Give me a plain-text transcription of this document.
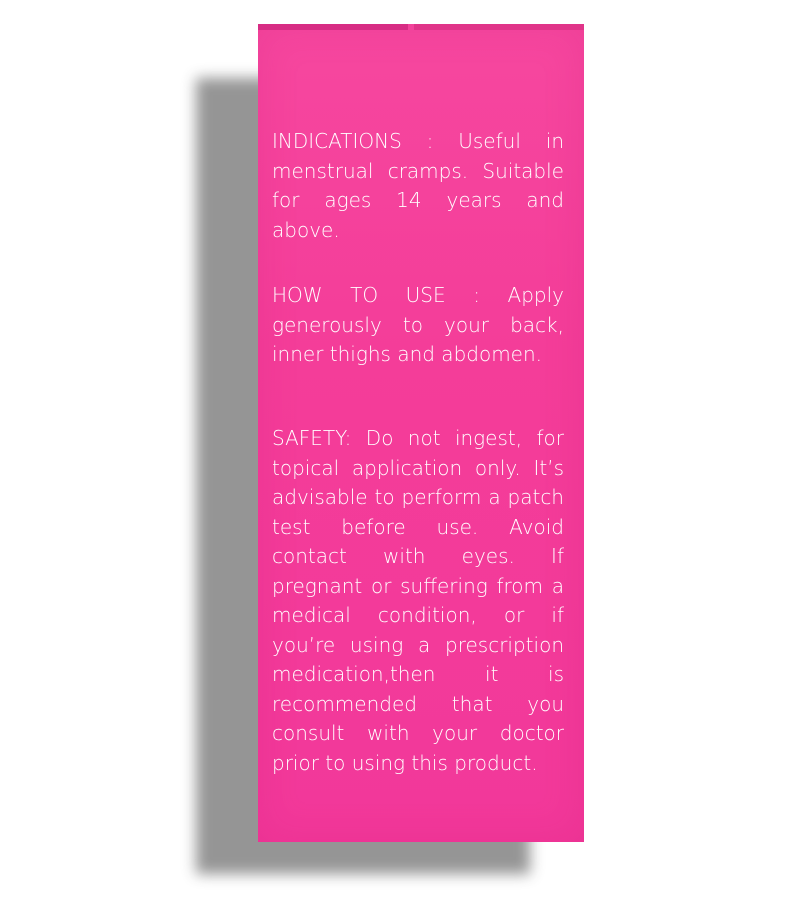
INDICATIONS : Useful in menstrual cramps. Suitable for ages 14 years and above.

HOW TO USE : Apply generously to your back, inner thighs and abdomen.

SAFETY: Do not ingest, for topical application only. It’s advisable to perform a patch test before use. Avoid contact with eyes. If pregnant or suffering from a medical condition, or if you’re using a prescription medication,then it is recommended that you consult with your doctor prior to using this product.
